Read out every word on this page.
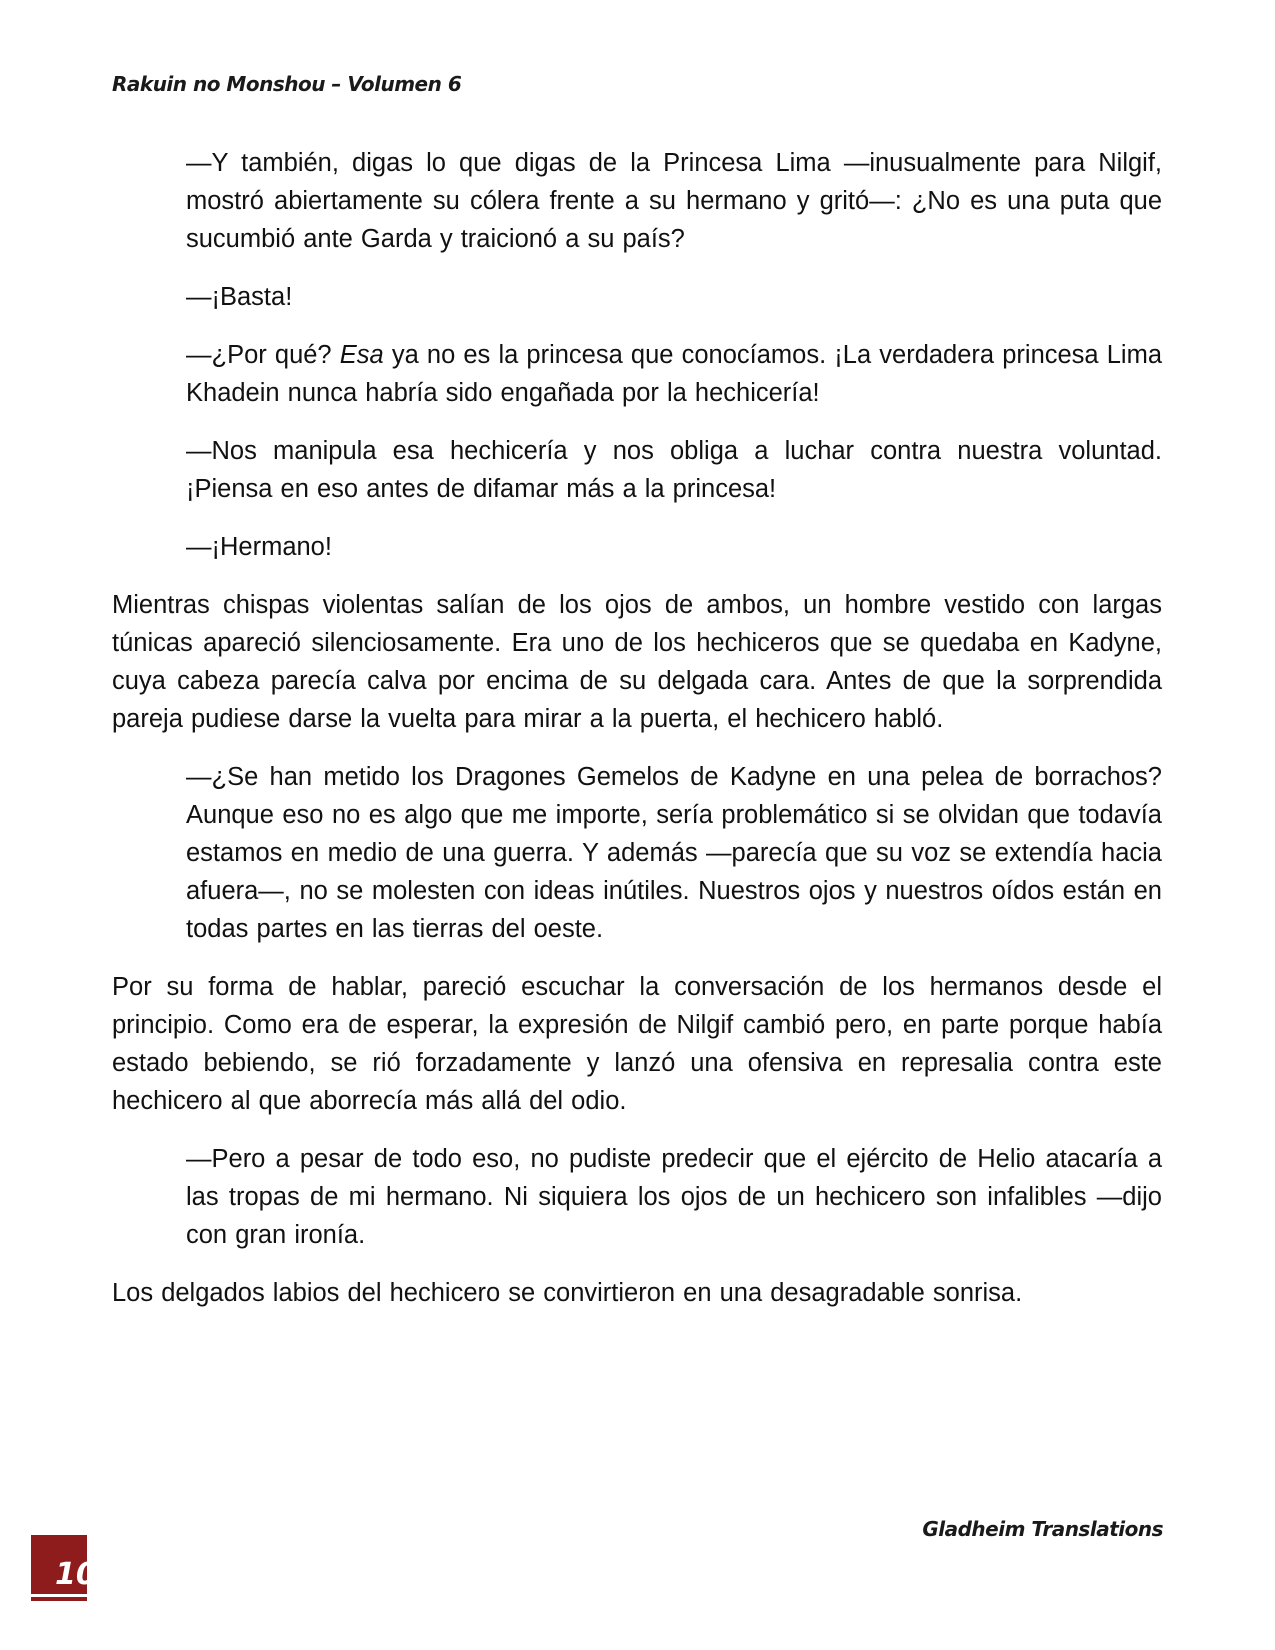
Rakuin no Monshou – Volumen 6

—Y también, digas lo que digas de la Princesa Lima —inusualmente para Nilgif, mostró abiertamente su cólera frente a su hermano y gritó—: ¿No es una puta que sucumbió ante Garda y traicionó a su país?

—¡Basta!

—¿Por qué? Esa ya no es la princesa que conocíamos. ¡La verdadera princesa Lima Khadein nunca habría sido engañada por la hechicería!

—Nos manipula esa hechicería y nos obliga a luchar contra nuestra voluntad. ¡Piensa en eso antes de difamar más a la princesa!

—¡Hermano!

Mientras chispas violentas salían de los ojos de ambos, un hombre vestido con largas túnicas apareció silenciosamente. Era uno de los hechiceros que se quedaba en Kadyne, cuya cabeza parecía calva por encima de su delgada cara. Antes de que la sorprendida pareja pudiese darse la vuelta para mirar a la puerta, el hechicero habló.

—¿Se han metido los Dragones Gemelos de Kadyne en una pelea de borrachos? Aunque eso no es algo que me importe, sería problemático si se olvidan que todavía estamos en medio de una guerra. Y además —parecía que su voz se extendía hacia afuera—, no se molesten con ideas inútiles. Nuestros ojos y nuestros oídos están en todas partes en las tierras del oeste.

Por su forma de hablar, pareció escuchar la conversación de los hermanos desde el principio. Como era de esperar, la expresión de Nilgif cambió pero, en parte porque había estado bebiendo, se rió forzadamente y lanzó una ofensiva en represalia contra este hechicero al que aborrecía más allá del odio.

—Pero a pesar de todo eso, no pudiste predecir que el ejército de Helio atacaría a las tropas de mi hermano. Ni siquiera los ojos de un hechicero son infalibles —dijo con gran ironía.

Los delgados labios del hechicero se convirtieron en una desagradable sonrisa.

Gladheim Translations
10
